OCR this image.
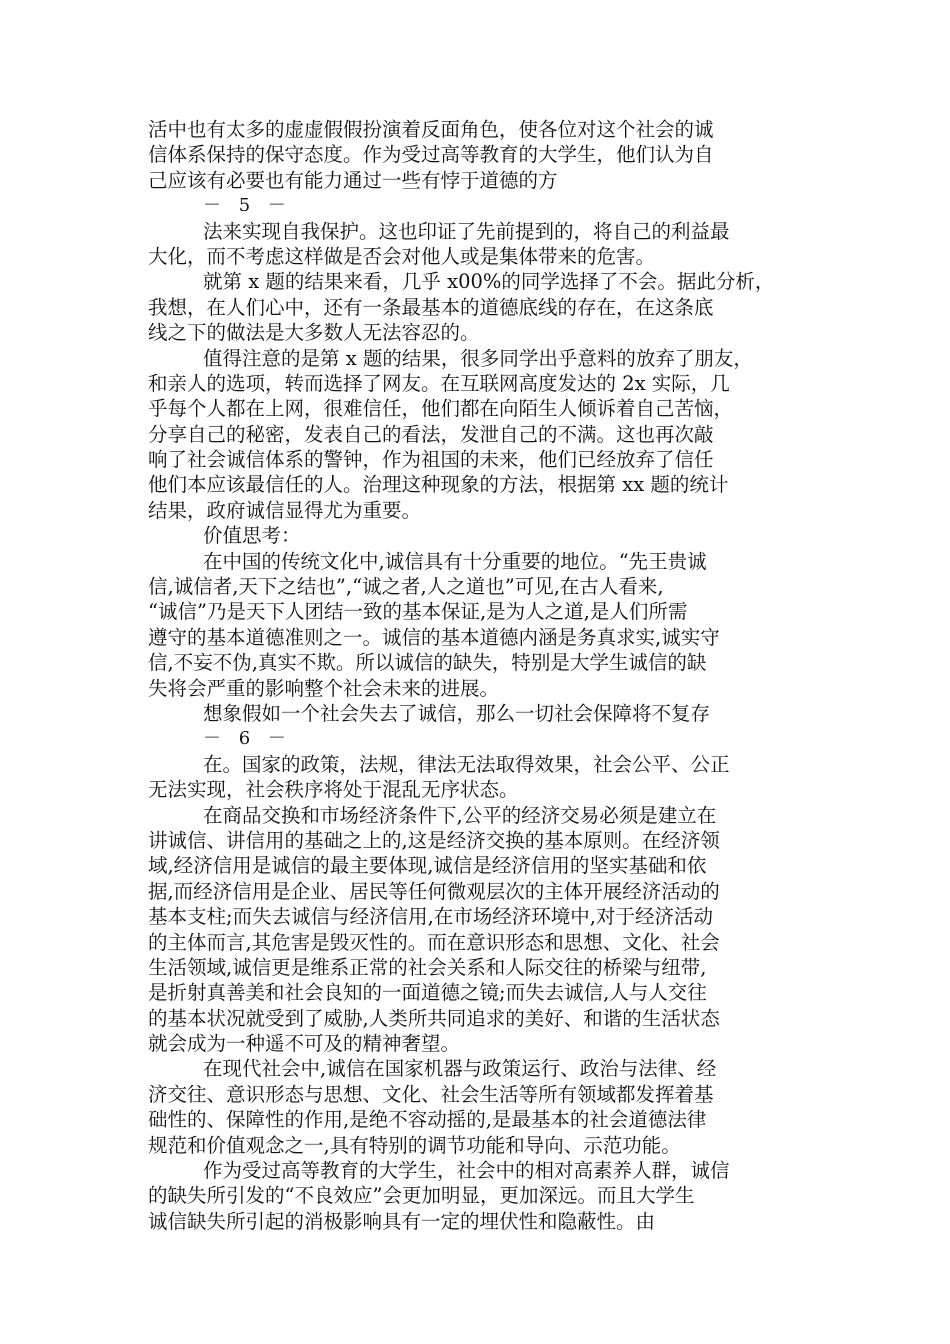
活中也有太多的虚虚假假扮演着反面角色，使各位对这个社会的诚
信体系保持的保守态度。作为受过高等教育的大学生，他们认为自
己应该有必要也有能力通过一些有悖于道德的方
－ 5 －
法来实现自我保护。这也印证了先前提到的，将自己的利益最
大化，而不考虑这样做是否会对他人或是集体带来的危害。
就第 x 题的结果来看，几乎 x00%的同学选择了不会。据此分析，
我想，在人们心中，还有一条最基本的道德底线的存在，在这条底
线之下的做法是大多数人无法容忍的。
值得注意的是第 x 题的结果，很多同学出乎意料的放弃了朋友，
和亲人的选项，转而选择了网友。在互联网高度发达的 2x 实际，几
乎每个人都在上网，很难信任，他们都在向陌生人倾诉着自己苦恼，
分享自己的秘密，发表自己的看法，发泄自己的不满。这也再次敲
响了社会诚信体系的警钟，作为祖国的未来，他们已经放弃了信任
他们本应该最信任的人。治理这种现象的方法，根据第 xx 题的统计
结果，政府诚信显得尤为重要。
价值思考：
在中国的传统文化中,诚信具有十分重要的地位。“先王贵诚
信,诚信者,天下之结也”,“诚之者,人之道也”可见,在古人看来,
“诚信”乃是天下人团结一致的基本保证,是为人之道,是人们所需
遵守的基本道德准则之一。诚信的基本道德内涵是务真求实,诚实守
信,不妄不伪,真实不欺。所以诚信的缺失，特别是大学生诚信的缺
失将会严重的影响整个社会未来的进展。
想象假如一个社会失去了诚信，那么一切社会保障将不复存
－ 6 －
在。国家的政策，法规，律法无法取得效果，社会公平、公正
无法实现，社会秩序将处于混乱无序状态。
在商品交换和市场经济条件下,公平的经济交易必须是建立在
讲诚信、讲信用的基础之上的,这是经济交换的基本原则。在经济领
域,经济信用是诚信的最主要体现,诚信是经济信用的坚实基础和依
据,而经济信用是企业、居民等任何微观层次的主体开展经济活动的
基本支柱;而失去诚信与经济信用,在市场经济环境中,对于经济活动
的主体而言,其危害是毁灭性的。而在意识形态和思想、文化、社会
生活领域,诚信更是维系正常的社会关系和人际交往的桥梁与纽带,
是折射真善美和社会良知的一面道德之镜;而失去诚信,人与人交往
的基本状况就受到了威胁,人类所共同追求的美好、和谐的生活状态
就会成为一种遥不可及的精神奢望。
在现代社会中,诚信在国家机器与政策运行、政治与法律、经
济交往、意识形态与思想、文化、社会生活等所有领域都发挥着基
础性的、保障性的作用,是绝不容动摇的,是最基本的社会道德法律
规范和价值观念之一,具有特别的调节功能和导向、示范功能。
作为受过高等教育的大学生，社会中的相对高素养人群，诚信
的缺失所引发的“不良效应”会更加明显，更加深远。而且大学生
诚信缺失所引起的消极影响具有一定的埋伏性和隐蔽性。由
